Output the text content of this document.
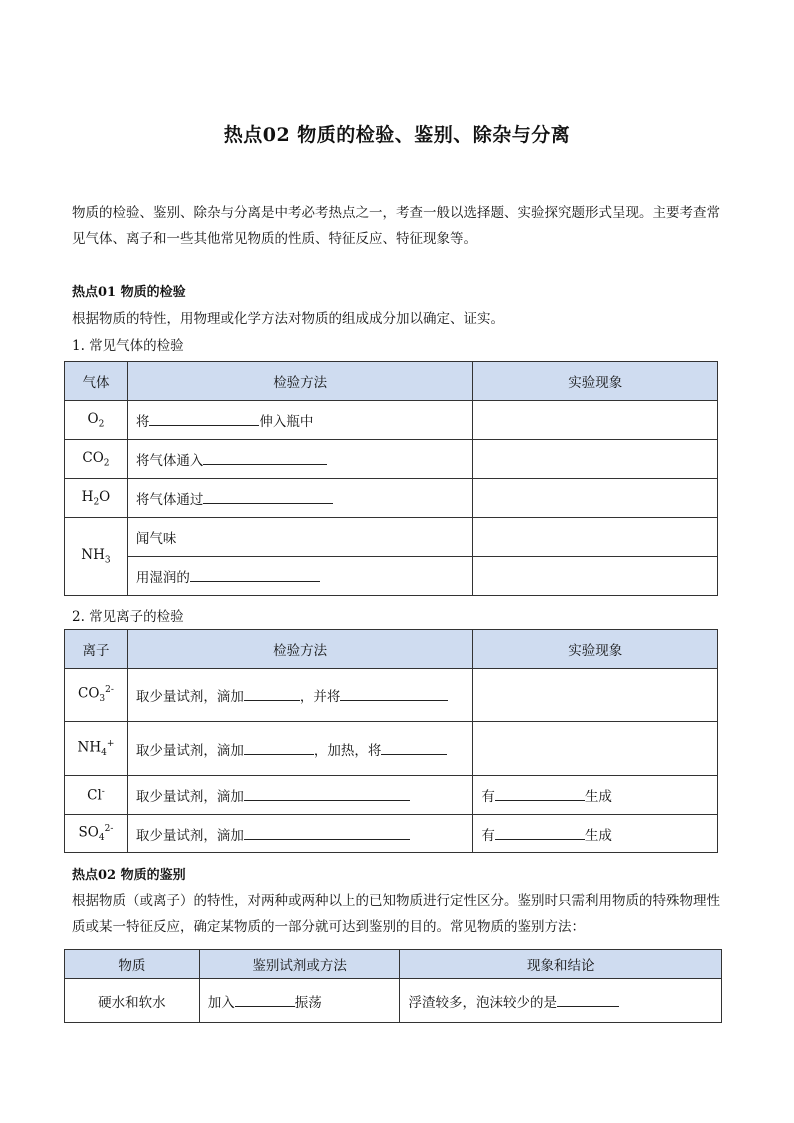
热点02 物质的检验、鉴别、除杂与分离
物质的检验、鉴别、除杂与分离是中考必考热点之一，考查一般以选择题、实验探究题形式呈现。主要考查常见气体、离子和一些其他常见物质的性质、特征反应、特征现象等。
热点01 物质的检验
根据物质的特性，用物理或化学方法对物质的组成成分加以确定、证实。
1. 常见气体的检验
气体	检验方法	实验现象
$O_2$	将 伸入瓶中	
$CO_2$	将气体通入	
$H_2O$	将气体通过	
$NH_3$	闻气味	
	用湿润的	
2. 常见离子的检验
离子	检验方法	实验现象
$CO_3^{2-}$	取少量试剂，滴加 ，并将	
$NH_4^+$	取少量试剂，滴加 ，加热，将	
Cl-	取少量试剂，滴加	有 生成
$SO_4^{2-}$	取少量试剂，滴加	有 生成
热点02 物质的鉴别
根据物质（或离子）的特性，对两种或两种以上的已知物质进行定性区分。鉴别时只需利用物质的特殊物理性质或某一特征反应，确定某物质的一部分就可达到鉴别的目的。常见物质的鉴别方法：
物质	鉴别试剂或方法	现象和结论
硬水和软水	加入 振荡	浮渣较多，泡沫较少的是
